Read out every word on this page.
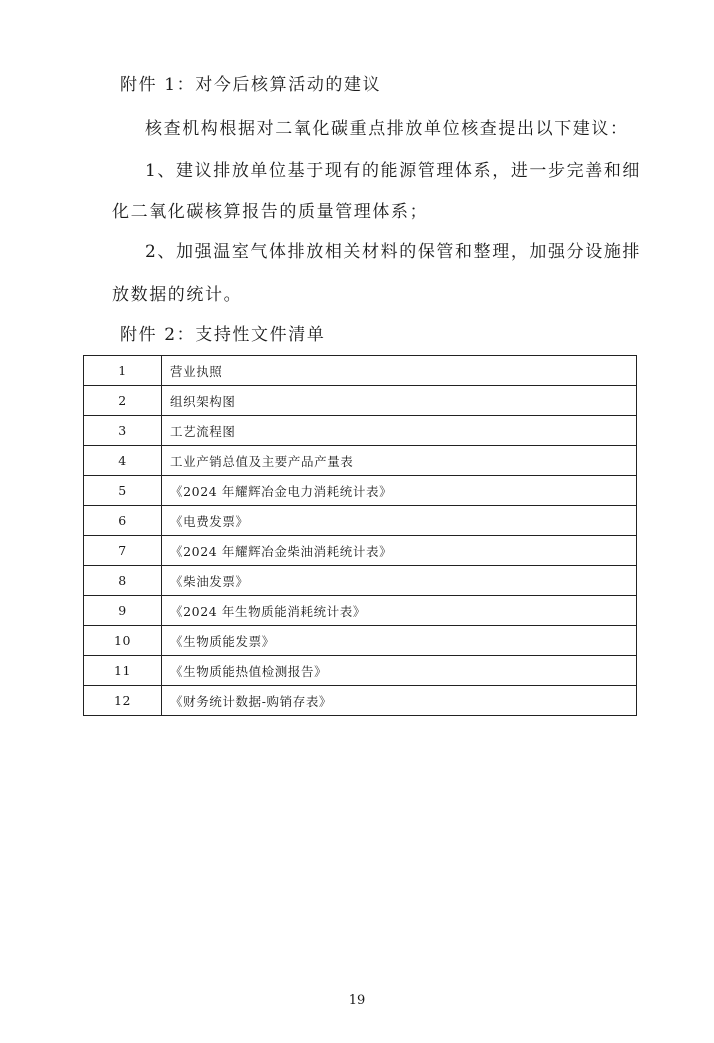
附件 1：对今后核算活动的建议
核查机构根据对二氧化碳重点排放单位核查提出以下建议：
1、建议排放单位基于现有的能源管理体系，进一步完善和细
化二氧化碳核算报告的质量管理体系；
2、加强温室气体排放相关材料的保管和整理，加强分设施排
放数据的统计。
附件 2：支持性文件清单
1	营业执照
2	组织架构图
3	工艺流程图
4	工业产销总值及主要产品产量表
5	《2024 年耀辉冶金电力消耗统计表》
6	《电费发票》
7	《2024 年耀辉冶金柴油消耗统计表》
8	《柴油发票》
9	《2024 年生物质能消耗统计表》
10	《生物质能发票》
11	《生物质能热值检测报告》
12	《财务统计数据-购销存表》
19
